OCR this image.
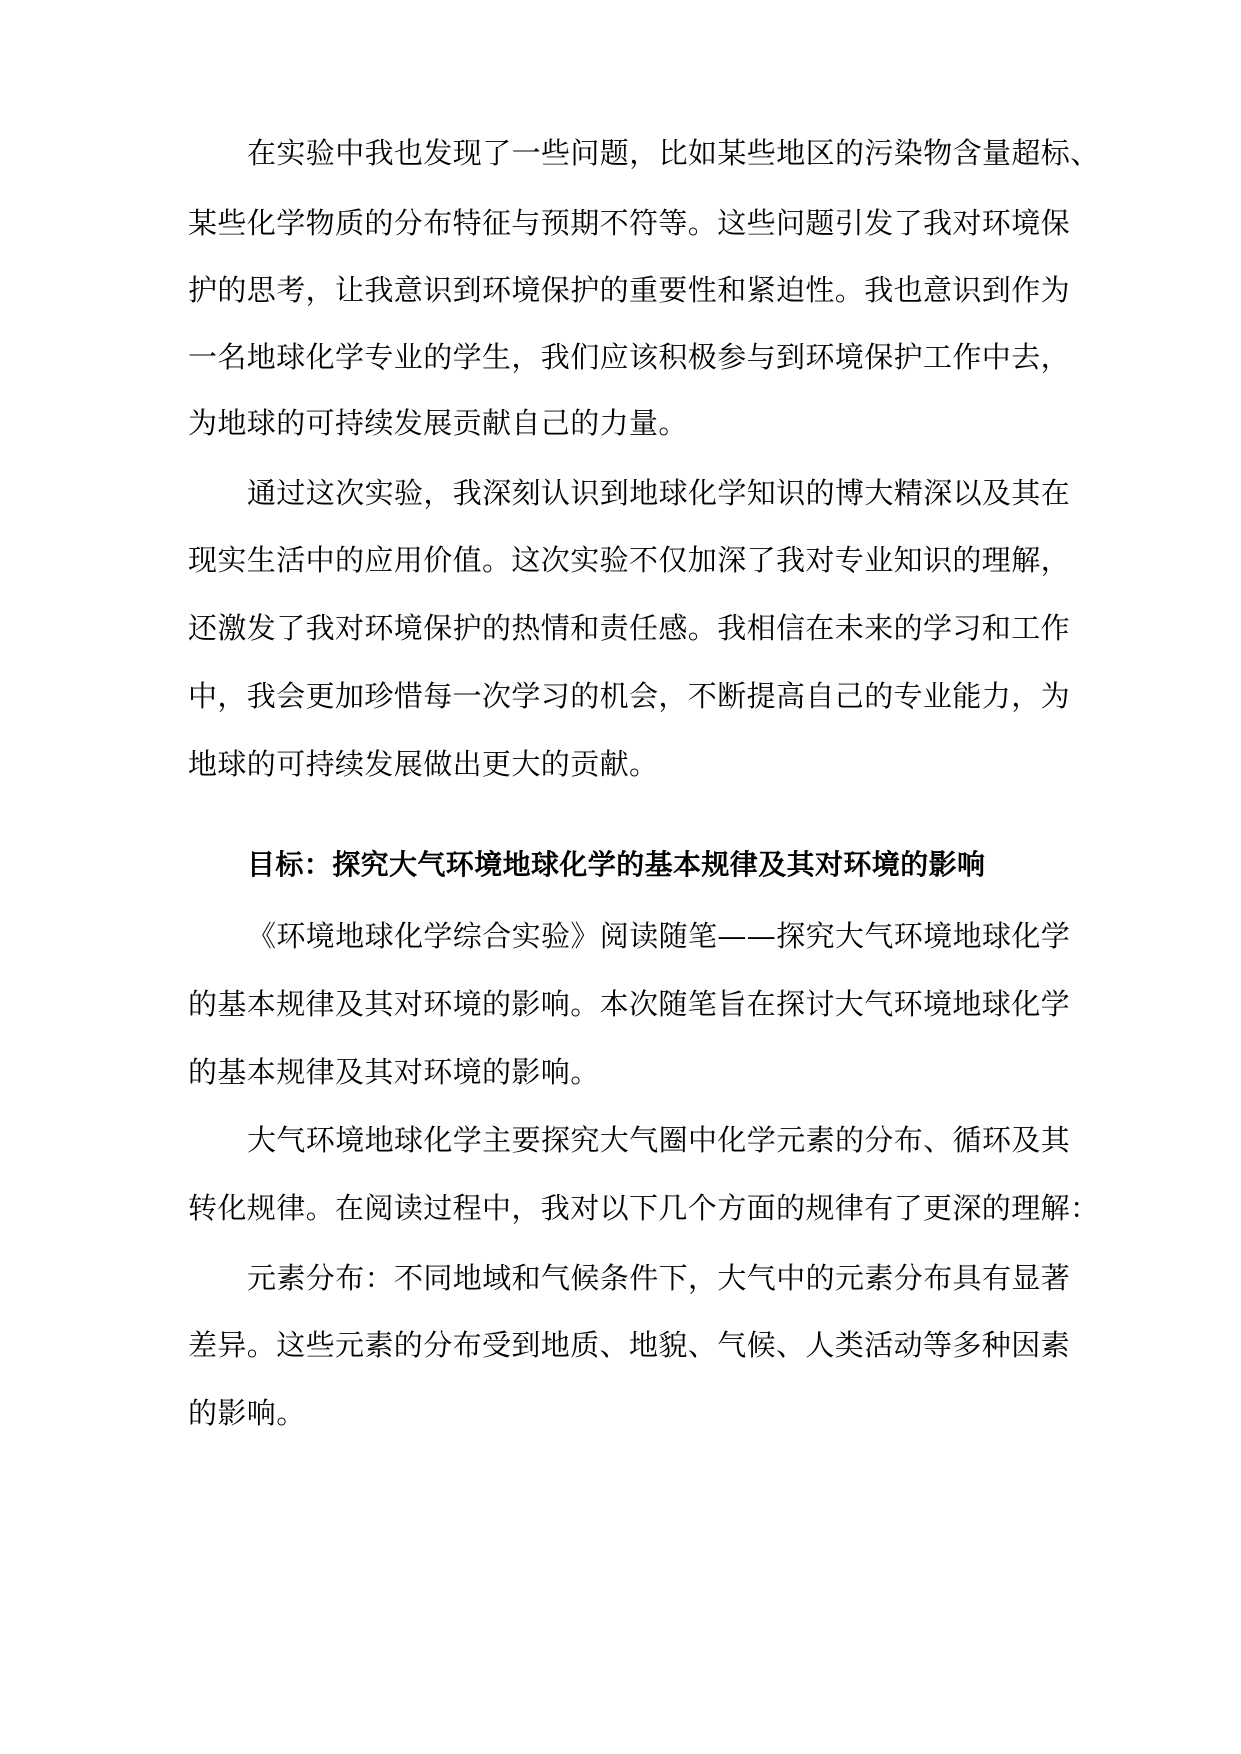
在实验中我也发现了一些问题，比如某些地区的污染物含量超标、
某些化学物质的分布特征与预期不符等。这些问题引发了我对环境保
护的思考，让我意识到环境保护的重要性和紧迫性。我也意识到作为
一名地球化学专业的学生，我们应该积极参与到环境保护工作中去，
为地球的可持续发展贡献自己的力量。
通过这次实验，我深刻认识到地球化学知识的博大精深以及其在
现实生活中的应用价值。这次实验不仅加深了我对专业知识的理解，
还激发了我对环境保护的热情和责任感。我相信在未来的学习和工作
中，我会更加珍惜每一次学习的机会，不断提高自己的专业能力，为
地球的可持续发展做出更大的贡献。
目标：探究大气环境地球化学的基本规律及其对环境的影响
《环境地球化学综合实验》阅读随笔——探究大气环境地球化学
的基本规律及其对环境的影响。本次随笔旨在探讨大气环境地球化学
的基本规律及其对环境的影响。
大气环境地球化学主要探究大气圈中化学元素的分布、循环及其
转化规律。在阅读过程中，我对以下几个方面的规律有了更深的理解：
元素分布：不同地域和气候条件下，大气中的元素分布具有显著
差异。这些元素的分布受到地质、地貌、气候、人类活动等多种因素
的影响。
